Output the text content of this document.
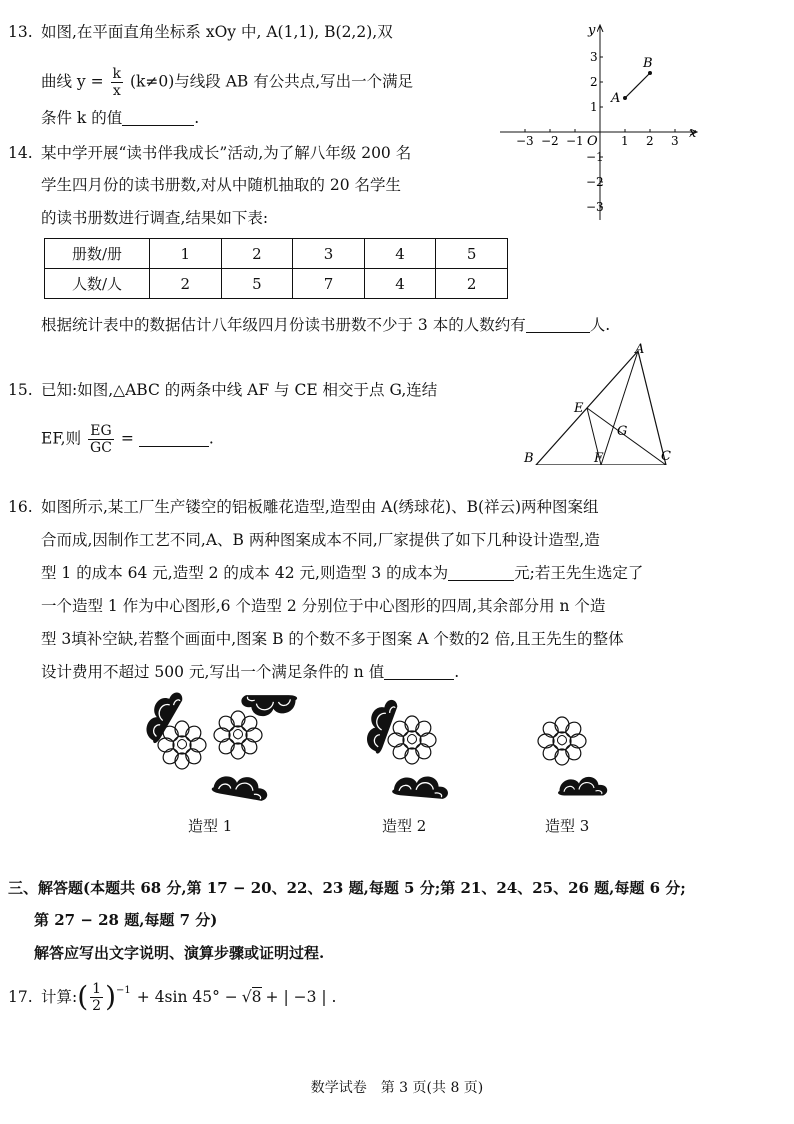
13. 如图,在平面直角坐标系 xOy 中, A(1,1), B(2,2),双
曲线 $y = \frac{k}{x} (k\ne 0)$与线段 AB 有公共点,写出一个满足
条件 k 的值	.
−3 −2 −1	1 2 3
3
2
1
−1
−2
−3
x
y
O
A
B
14. 某中学开展“读书伴我成长”活动,为了解八年级 200 名
学生四月份的读书册数,对从中随机抽取的 20 名学生
的读书册数进行调查,结果如下表:
册数/册	1	2	3	4	5
人数/人	2	5	7	4	2
根据统计表中的数据估计八年级四月份读书册数不少于 3 本的人数约有	人.
15. 已知:如图,△ABC 的两条中线 AF 与 CE 相交于点 G,连结
EF,则 $\frac{EG}{GC}$ =	.
A
B	C
E
F
G
16. 如图所示,某工厂生产镂空的铝板雕花造型,造型由 A(绣球花)、B(祥云)两种图案组
合而成,因制作工艺不同,A、B 两种图案成本不同,厂家提供了如下几种设计造型,造
型 1 的成本 64 元,造型 2 的成本 42 元,则造型 3 的成本为	元;若王先生选定了
一个造型 1 作为中心图形,6 个造型 2 分别位于中心图形的四周,其余部分用 n 个造
型 3填补空缺,若整个画面中,图案 B 的个数不多于图案 A 个数的2 倍,且王先生的整体
设计费用不超过 500 元,写出一个满足条件的 n 值	.
造型 1	造型 2	造型 3
三、解答题(本题共 68 分,第 17 − 20、22、23 题,每题 5 分;第 21、24、25、26 题,每题 6 分;
第 27 − 28 题,每题 7 分)
解答应写出文字说明、演算步骤或证明过程.
17. 计算: ( $\frac{1}{2}$ ) −1 + 4sin 45° − √8 + | −3 | .
数学试卷　第 3 页(共 8 页)
